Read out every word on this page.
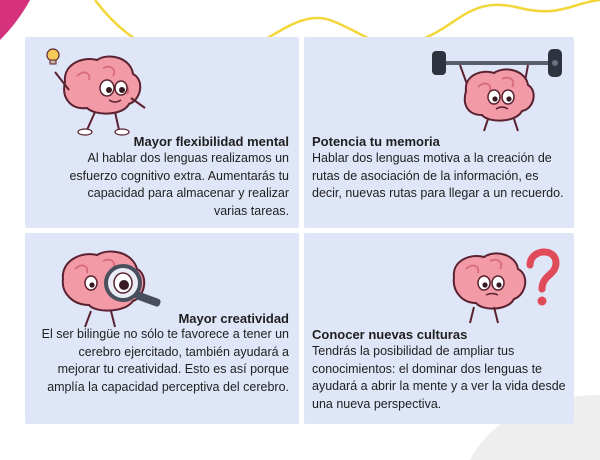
Mayor flexibilidad mental
Al hablar dos lenguas realizamos un esfuerzo cognitivo extra. Aumentarás tu capacidad para almacenar y realizar varias tareas.
Potencia tu memoria
Hablar dos lenguas motiva a la creación de rutas de asociación de la información, es decir, nuevas rutas para llegar a un recuerdo.
Mayor creatividad
El ser bilingüe no sólo te favorece a tener un cerebro ejercitado, también ayudará a mejorar tu creatividad. Esto es así porque amplía la capacidad perceptiva del cerebro.
Conocer nuevas culturas
Tendrás la posibilidad de ampliar tus conocimientos: el dominar dos lenguas te ayudará a abrir la mente y a ver la vida desde una nueva perspectiva.
